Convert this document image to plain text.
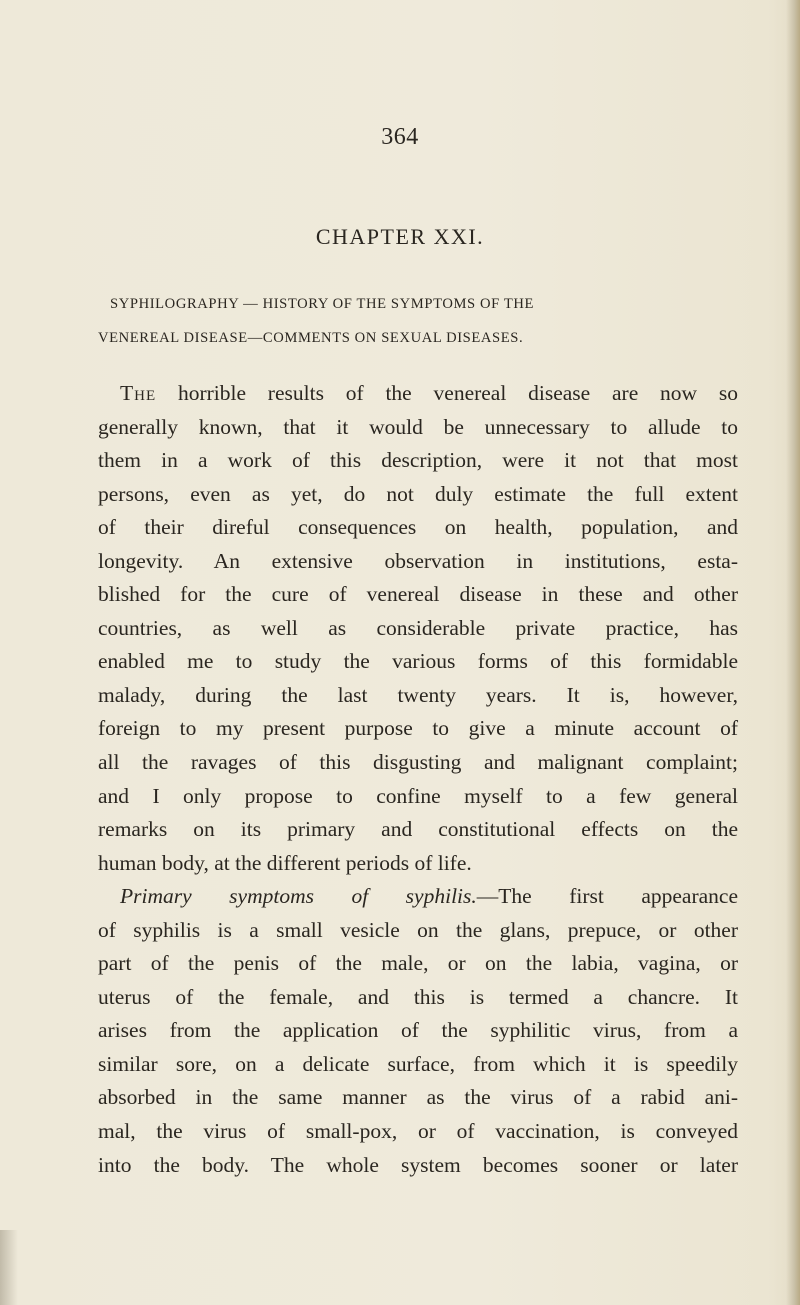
364
CHAPTER XXI.
SYPHILOGRAPHY — HISTORY OF THE SYMPTOMS OF THE
VENEREAL DISEASE—COMMENTS ON SEXUAL DISEASES.
The horrible results of the venereal disease are now so
generally known, that it would be unnecessary to allude to
them in a work of this description, were it not that most
persons, even as yet, do not duly estimate the full extent
of their direful consequences on health, population, and
longevity. An extensive observation in institutions, esta-
blished for the cure of venereal disease in these and other
countries, as well as considerable private practice, has
enabled me to study the various forms of this formidable
malady, during the last twenty years. It is, however,
foreign to my present purpose to give a minute account of
all the ravages of this disgusting and malignant complaint;
and I only propose to confine myself to a few general
remarks on its primary and constitutional effects on the
human body, at the different periods of life.
Primary symptoms of syphilis.—The first appearance
of syphilis is a small vesicle on the glans, prepuce, or other
part of the penis of the male, or on the labia, vagina, or
uterus of the female, and this is termed a chancre. It
arises from the application of the syphilitic virus, from a
similar sore, on a delicate surface, from which it is speedily
absorbed in the same manner as the virus of a rabid ani-
mal, the virus of small-pox, or of vaccination, is conveyed
into the body. The whole system becomes sooner or later
